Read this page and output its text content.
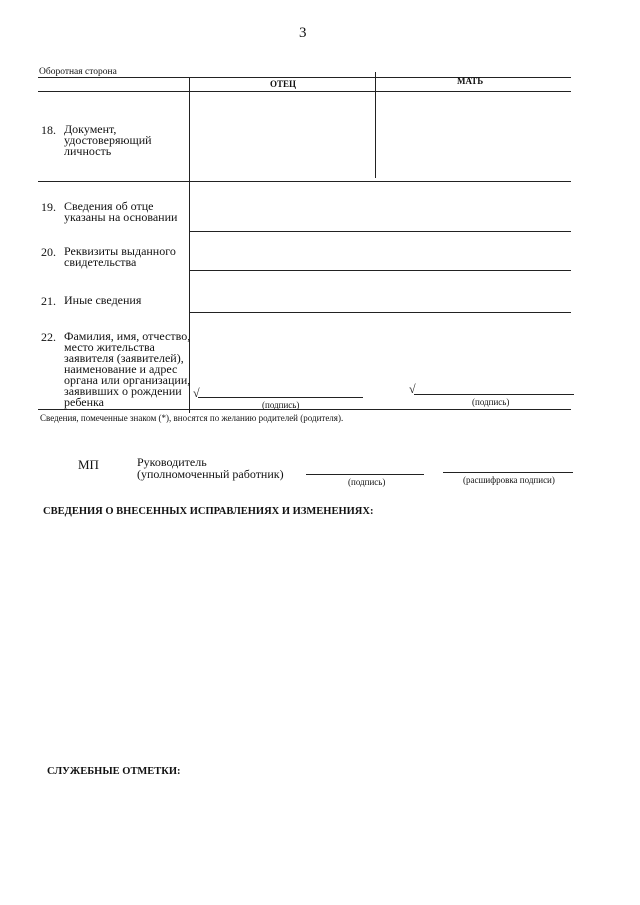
3
Оборотная сторона
ОТЕЦ	МАТЬ
18. Документ,
удостоверяющий
личность
19. Сведения об отце
указаны на основании
20. Реквизиты выданного
свидетельства
21. Иные сведения
22. Фамилия, имя, отчество,
место жительства
заявителя (заявителей),
наименование и адрес
органа или организации,
заявивших о рождении
ребенка
√
(подпись)
√
(подпись)
Сведения, помеченные знаком (*), вносятся по желанию родителей (родителя).
МП	Руководитель
(уполномоченный работник)
(подпись)	(расшифровка подписи)
СВЕДЕНИЯ О ВНЕСЕННЫХ ИСПРАВЛЕНИЯХ И ИЗМЕНЕНИЯХ:
СЛУЖЕБНЫЕ ОТМЕТКИ:
